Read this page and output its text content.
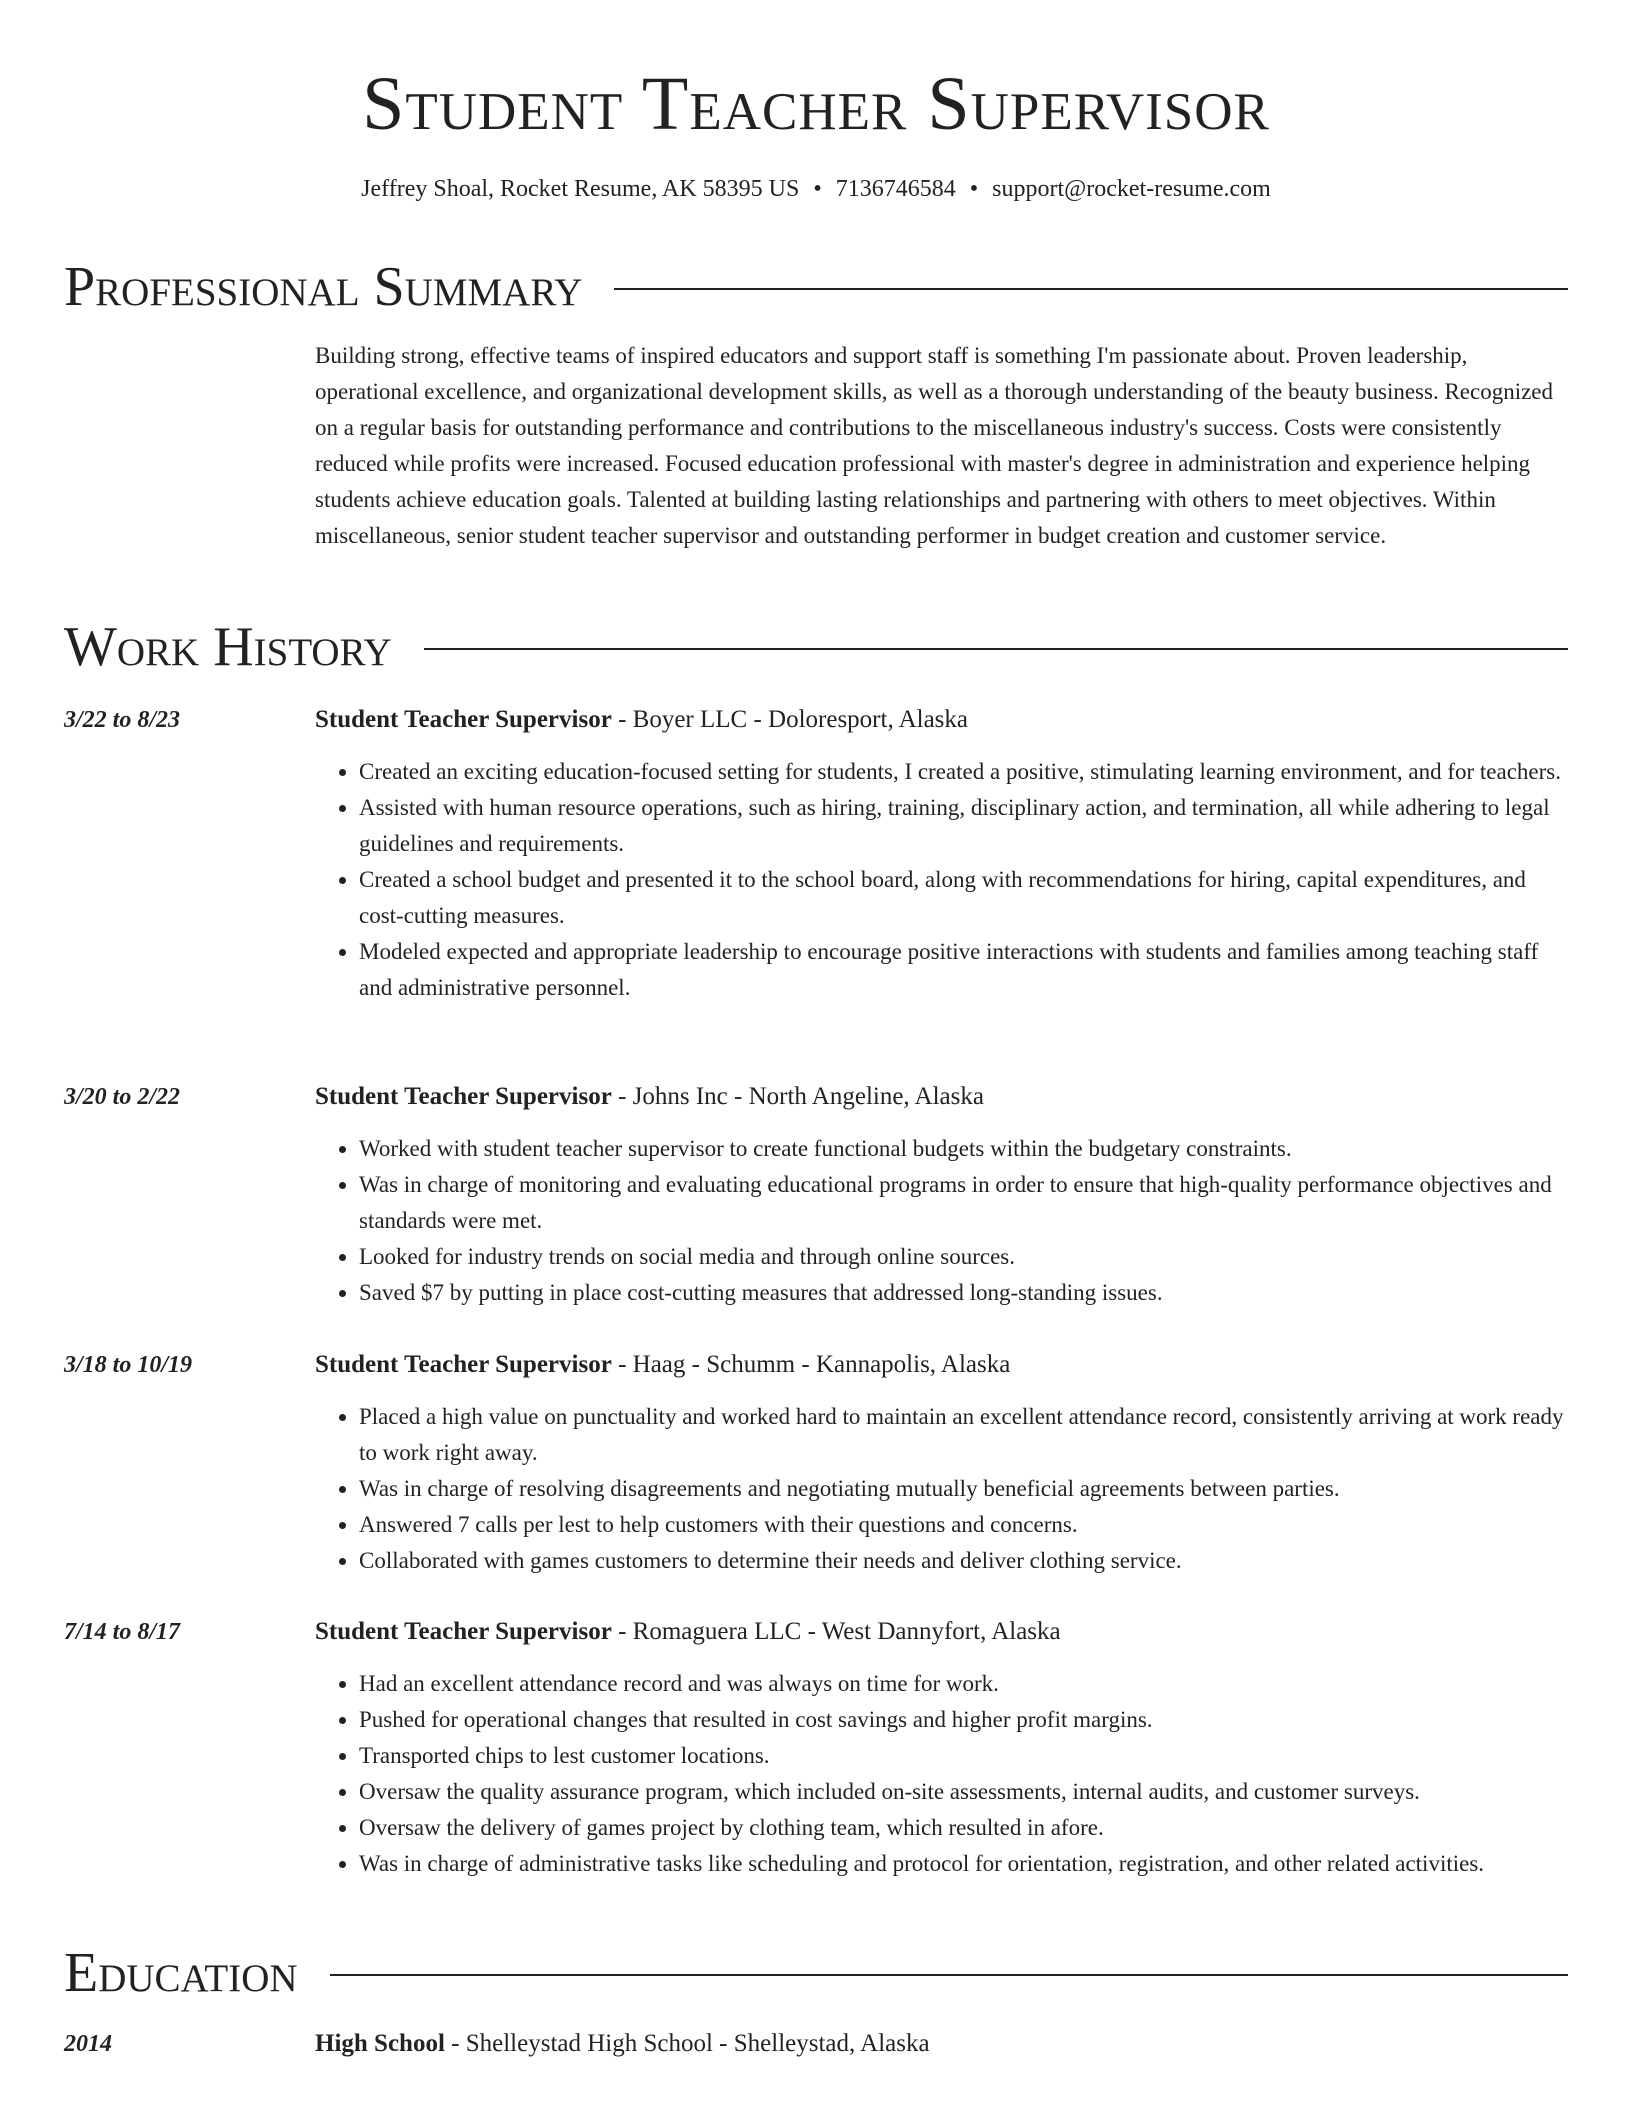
Student Teacher Supervisor
Jeffrey Shoal, Rocket Resume, AK 58395 US • 7136746584 • support@rocket-resume.com
Professional Summary

Building strong, effective teams of inspired educators and support staff is something I'm passionate about. Proven leadership, operational excellence, and organizational development skills, as well as a thorough understanding of the beauty business. Recognized on a regular basis for outstanding performance and contributions to the miscellaneous industry's success. Costs were consistently reduced while profits were increased. Focused education professional with master's degree in administration and experience helping students achieve education goals. Talented at building lasting relationships and partnering with others to meet objectives. Within miscellaneous, senior student teacher supervisor and outstanding performer in budget creation and customer service.

Work History
3/22 to 8/23	Student Teacher Supervisor - Boyer LLC - Doloresport, Alaska
• Created an exciting education-focused setting for students, I created a positive, stimulating learning environment, and for teachers.
• Assisted with human resource operations, such as hiring, training, disciplinary action, and termination, all while adhering to legal guidelines and requirements.
• Created a school budget and presented it to the school board, along with recommendations for hiring, capital expenditures, and cost-cutting measures.
• Modeled expected and appropriate leadership to encourage positive interactions with students and families among teaching staff and administrative personnel.
3/20 to 2/22	Student Teacher Supervisor - Johns Inc - North Angeline, Alaska
• Worked with student teacher supervisor to create functional budgets within the budgetary constraints.
• Was in charge of monitoring and evaluating educational programs in order to ensure that high-quality performance objectives and standards were met.
• Looked for industry trends on social media and through online sources.
• Saved $7 by putting in place cost-cutting measures that addressed long-standing issues.
3/18 to 10/19	Student Teacher Supervisor - Haag - Schumm - Kannapolis, Alaska
• Placed a high value on punctuality and worked hard to maintain an excellent attendance record, consistently arriving at work ready to work right away.
• Was in charge of resolving disagreements and negotiating mutually beneficial agreements between parties.
• Answered 7 calls per lest to help customers with their questions and concerns.
• Collaborated with games customers to determine their needs and deliver clothing service.
7/14 to 8/17	Student Teacher Supervisor - Romaguera LLC - West Dannyfort, Alaska
• Had an excellent attendance record and was always on time for work.
• Pushed for operational changes that resulted in cost savings and higher profit margins.
• Transported chips to lest customer locations.
• Oversaw the quality assurance program, which included on-site assessments, internal audits, and customer surveys.
• Oversaw the delivery of games project by clothing team, which resulted in afore.
• Was in charge of administrative tasks like scheduling and protocol for orientation, registration, and other related activities.
Education
2014	High School - Shelleystad High School - Shelleystad, Alaska
